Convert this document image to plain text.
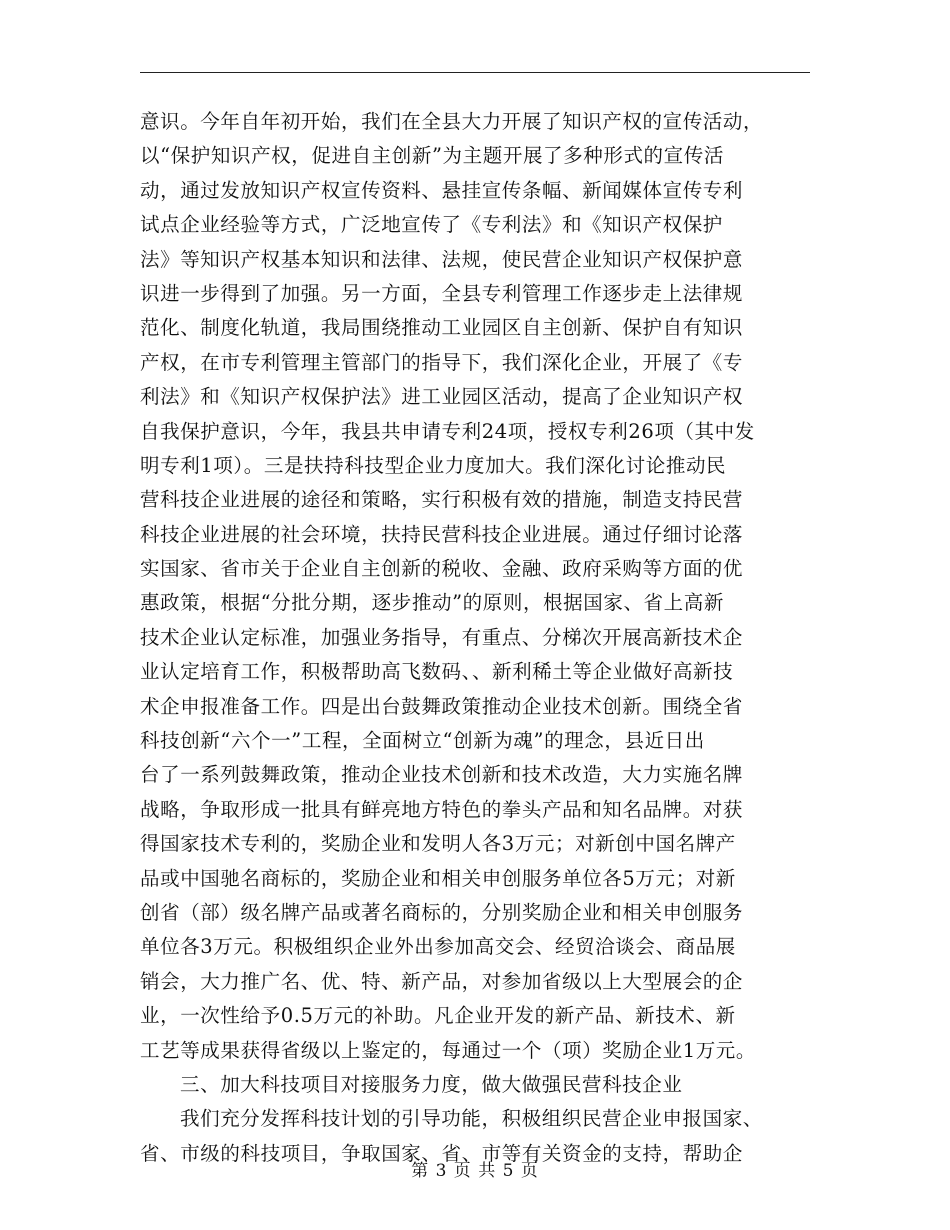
意识。今年自年初开始，我们在全县大力开展了知识产权的宣传活动，
以“保护知识产权，促进自主创新”为主题开展了多种形式的宣传活
动，通过发放知识产权宣传资料、悬挂宣传条幅、新闻媒体宣传专利
试点企业经验等方式，广泛地宣传了《专利法》和《知识产权保护
法》等知识产权基本知识和法律、法规，使民营企业知识产权保护意
识进一步得到了加强。另一方面，全县专利管理工作逐步走上法律规
范化、制度化轨道，我局围绕推动工业园区自主创新、保护自有知识
产权，在市专利管理主管部门的指导下，我们深化企业，开展了《专
利法》和《知识产权保护法》进工业园区活动，提高了企业知识产权
自我保护意识，今年，我县共申请专利24项，授权专利26项（其中发
明专利1项）。三是扶持科技型企业力度加大。我们深化讨论推动民
营科技企业进展的途径和策略，实行积极有效的措施，制造支持民营
科技企业进展的社会环境，扶持民营科技企业进展。通过仔细讨论落
实国家、省市关于企业自主创新的税收、金融、政府采购等方面的优
惠政策，根据“分批分期，逐步推动”的原则，根据国家、省上高新
技术企业认定标准，加强业务指导，有重点、分梯次开展高新技术企
业认定培育工作，积极帮助高飞数码、、新利稀土等企业做好高新技
术企申报准备工作。四是出台鼓舞政策推动企业技术创新。围绕全省
科技创新“六个一”工程，全面树立“创新为魂”的理念，县近日出
台了一系列鼓舞政策，推动企业技术创新和技术改造，大力实施名牌
战略，争取形成一批具有鲜亮地方特色的拳头产品和知名品牌。对获
得国家技术专利的，奖励企业和发明人各3万元；对新创中国名牌产
品或中国驰名商标的，奖励企业和相关申创服务单位各5万元；对新
创省（部）级名牌产品或著名商标的，分别奖励企业和相关申创服务
单位各3万元。积极组织企业外出参加高交会、经贸洽谈会、商品展
销会，大力推广名、优、特、新产品，对参加省级以上大型展会的企
业，一次性给予0.5万元的补助。凡企业开发的新产品、新技术、新
工艺等成果获得省级以上鉴定的，每通过一个（项）奖励企业1万元。
三、加大科技项目对接服务力度，做大做强民营科技企业
我们充分发挥科技计划的引导功能，积极组织民营企业申报国家、
省、市级的科技项目，争取国家、省、市等有关资金的支持，帮助企
第 3 页 共 5 页
